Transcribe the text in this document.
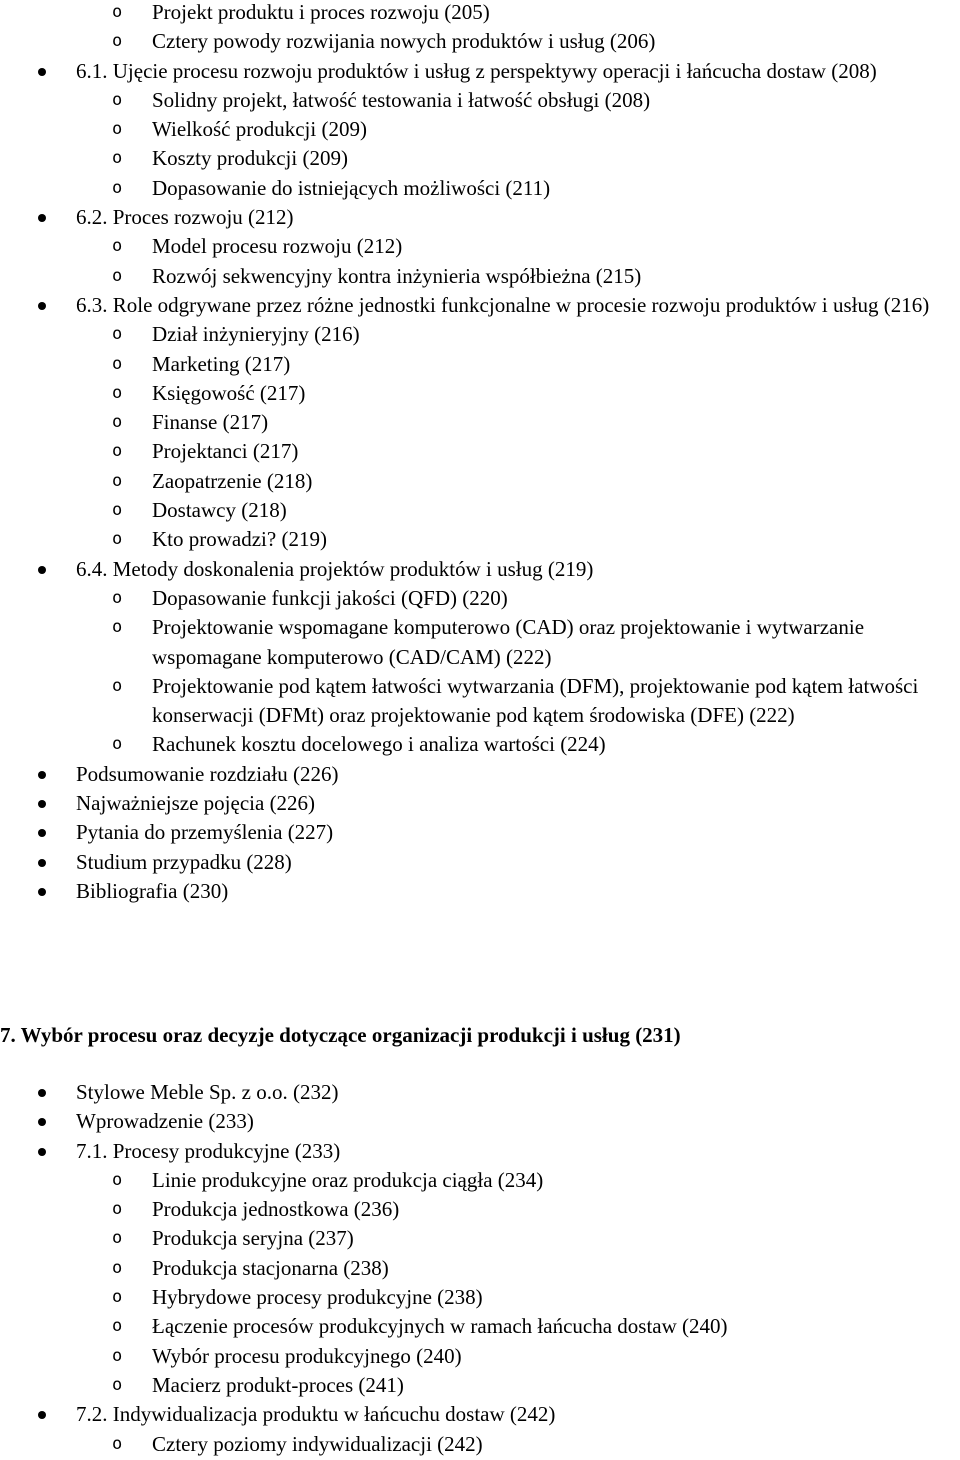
o Projekt produktu i proces rozwoju (205)
o Cztery powody rozwijania nowych produktów i usług (206)
6.1. Ujęcie procesu rozwoju produktów i usług z perspektywy operacji i łańcucha dostaw (208)
o Solidny projekt, łatwość testowania i łatwość obsługi (208)
o Wielkość produkcji (209)
o Koszty produkcji (209)
o Dopasowanie do istniejących możliwości (211)
6.2. Proces rozwoju (212)
o Model procesu rozwoju (212)
o Rozwój sekwencyjny kontra inżynieria współbieżna (215)
6.3. Role odgrywane przez różne jednostki funkcjonalne w procesie rozwoju produktów i usług (216)
o Dział inżynieryjny (216)
o Marketing (217)
o Księgowość (217)
o Finanse (217)
o Projektanci (217)
o Zaopatrzenie (218)
o Dostawcy (218)
o Kto prowadzi? (219)
6.4. Metody doskonalenia projektów produktów i usług (219)
o Dopasowanie funkcji jakości (QFD) (220)
o Projektowanie wspomagane komputerowo (CAD) oraz projektowanie i wytwarzanie wspomagane komputerowo (CAD/CAM) (222)
o Projektowanie pod kątem łatwości wytwarzania (DFM), projektowanie pod kątem łatwości konserwacji (DFMt) oraz projektowanie pod kątem środowiska (DFE) (222)
o Rachunek kosztu docelowego i analiza wartości (224)
Podsumowanie rozdziału (226)
Najważniejsze pojęcia (226)
Pytania do przemyślenia (227)
Studium przypadku (228)
Bibliografia (230)
7. Wybór procesu oraz decyzje dotyczące organizacji produkcji i usług (231)
Stylowe Meble Sp. z o.o. (232)
Wprowadzenie (233)
7.1. Procesy produkcyjne (233)
o Linie produkcyjne oraz produkcja ciągła (234)
o Produkcja jednostkowa (236)
o Produkcja seryjna (237)
o Produkcja stacjonarna (238)
o Hybrydowe procesy produkcyjne (238)
o Łączenie procesów produkcyjnych w ramach łańcucha dostaw (240)
o Wybór procesu produkcyjnego (240)
o Macierz produkt-proces (241)
7.2. Indywidualizacja produktu w łańcuchu dostaw (242)
o Cztery poziomy indywidualizacji (242)
